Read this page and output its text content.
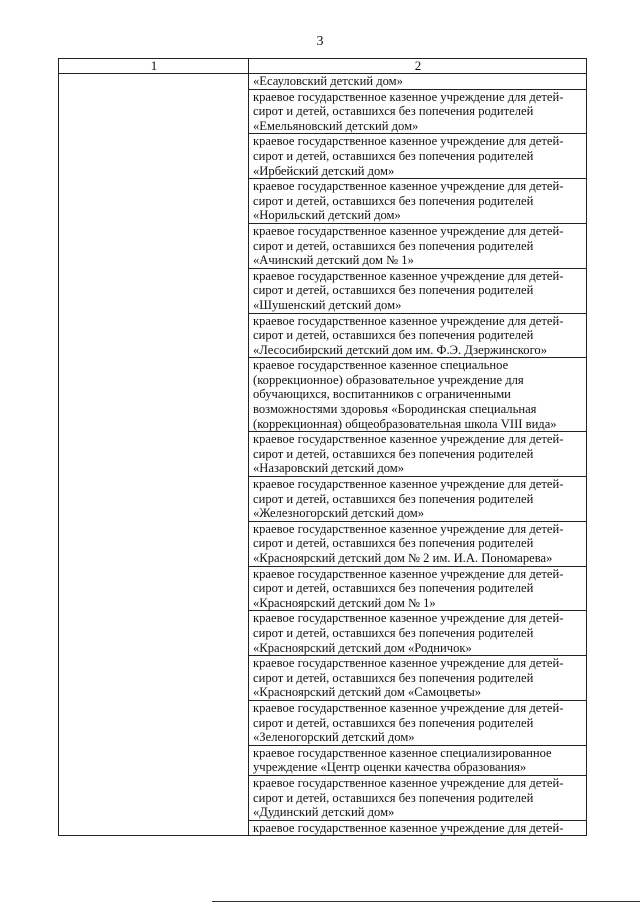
3
1	2

	«Есауловский детский дом»

	краевое государственное казенное учреждение для детей-
сирот и детей, оставшихся без попечения родителей
«Емельяновский детский дом»

	краевое государственное казенное учреждение для детей-
сирот и детей, оставшихся без попечения родителей
«Ирбейский детский дом»

	краевое государственное казенное учреждение для детей-
сирот и детей, оставшихся без попечения родителей
«Норильский детский дом»

	краевое государственное казенное учреждение для детей-
сирот и детей, оставшихся без попечения родителей
«Ачинский детский дом № 1»

	краевое государственное казенное учреждение для детей-
сирот и детей, оставшихся без попечения родителей
«Шушенский детский дом»

	краевое государственное казенное учреждение для детей-
сирот и детей, оставшихся без попечения родителей
«Лесосибирский детский дом им. Ф.Э. Дзержинского»

	краевое государственное казенное специальное
(коррекционное) образовательное учреждение для
обучающихся, воспитанников с ограниченными
возможностями здоровья «Бородинская специальная
(коррекционная) общеобразовательная школа VIII вида»

	краевое государственное казенное учреждение для детей-
сирот и детей, оставшихся без попечения родителей
«Назаровский детский дом»

	краевое государственное казенное учреждение для детей-
сирот и детей, оставшихся без попечения родителей
«Железногорский детский дом»

	краевое государственное казенное учреждение для детей-
сирот и детей, оставшихся без попечения родителей
«Красноярский детский дом № 2 им. И.А. Пономарева»

	краевое государственное казенное учреждение для детей-
сирот и детей, оставшихся без попечения родителей
«Красноярский детский дом № 1»

	краевое государственное казенное учреждение для детей-
сирот и детей, оставшихся без попечения родителей
«Красноярский детский дом «Родничок»

	краевое государственное казенное учреждение для детей-
сирот и детей, оставшихся без попечения родителей
«Красноярский детский дом «Самоцветы»

	краевое государственное казенное учреждение для детей-
сирот и детей, оставшихся без попечения родителей
«Зеленогорский детский дом»

	краевое государственное казенное специализированное
учреждение «Центр оценки качества образования»

	краевое государственное казенное учреждение для детей-
сирот и детей, оставшихся без попечения родителей
«Дудинский детский дом»

	краевое государственное казенное учреждение для детей-
